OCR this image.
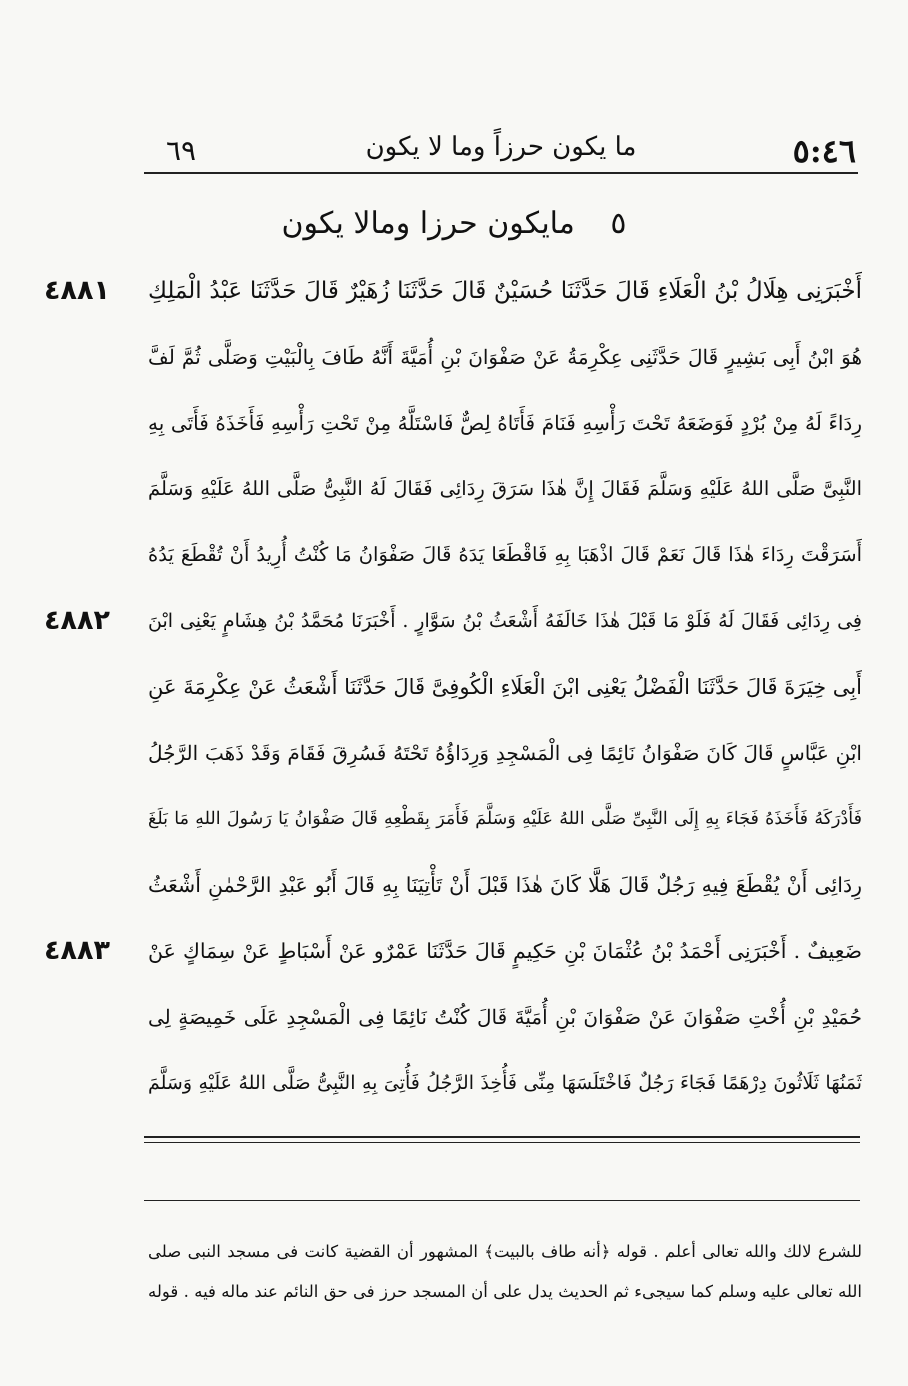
٦٩	ما يكون حرزاً وما لا يكون	٥:٤٦
٥ مايكون حرزا ومالا يكون
٤٨٨١
٤٨٨٢
٤٨٨٣
أَخْبَرَنِى هِلَالُ بْنُ الْعَلَاءِ قَالَ حَدَّثَنَا حُسَيْنٌ قَالَ حَدَّثَنَا زُهَيْرٌ قَالَ حَدَّثَنَا عَبْدُ الْمَلِكِ
هُوَ ابْنُ أَبِى بَشِيرٍ قَالَ حَدَّثَنِى عِكْرِمَةُ عَنْ صَفْوَانَ بْنِ أُمَيَّةَ أَنَّهُ طَافَ بِالْبَيْتِ وَصَلَّى ثُمَّ لَفَّ
رِدَاءً لَهُ مِنْ بُرْدٍ فَوَضَعَهُ تَحْتَ رَأْسِهِ فَنَامَ فَأَتَاهُ لِصٌّ فَاسْتَلَّهُ مِنْ تَحْتِ رَأْسِهِ فَأَخَذَهُ فَأَتَى بِهِ
النَّبِىَّ صَلَّى اللهُ عَلَيْهِ وَسَلَّمَ فَقَالَ إِنَّ هٰذَا سَرَقَ رِدَائِى فَقَالَ لَهُ النَّبِىُّ صَلَّى اللهُ عَلَيْهِ وَسَلَّمَ
أَسَرَقْتَ رِدَاءَ هٰذَا قَالَ نَعَمْ قَالَ اذْهَبَا بِهِ فَاقْطَعَا يَدَهُ قَالَ صَفْوَانُ مَا كُنْتُ أُرِيدُ أَنْ تُقْطَعَ يَدُهُ
فِى رِدَائِى فَقَالَ لَهُ فَلَوْ مَا قَبْلَ هٰذَا خَالَفَهُ أَشْعَثُ بْنُ سَوَّارٍ . أَخْبَرَنَا مُحَمَّدُ بْنُ هِشَامٍ يَعْنِى ابْنَ
أَبِى خِيَرَةَ قَالَ حَدَّثَنَا الْفَضْلُ يَعْنِى ابْنَ الْعَلَاءِ الْكُوفِىَّ قَالَ حَدَّثَنَا أَشْعَثُ عَنْ عِكْرِمَةَ عَنِ
ابْنِ عَبَّاسٍ قَالَ كَانَ صَفْوَانُ نَائِمًا فِى الْمَسْجِدِ وَرِدَاؤُهُ تَحْتَهُ فَسُرِقَ فَقَامَ وَقَدْ ذَهَبَ الرَّجُلُ
فَأَدْرَكَهُ فَأَخَذَهُ فَجَاءَ بِهِ إِلَى النَّبِىِّ صَلَّى اللهُ عَلَيْهِ وَسَلَّمَ فَأَمَرَ بِقَطْعِهِ قَالَ صَفْوَانُ يَا رَسُولَ اللهِ مَا بَلَغَ
رِدَائِى أَنْ يُقْطَعَ فِيهِ رَجُلٌ قَالَ هَلَّا كَانَ هٰذَا قَبْلَ أَنْ تَأْتِيَنَا بِهِ قَالَ أَبُو عَبْدِ الرَّحْمٰنِ أَشْعَثُ
ضَعِيفٌ . أَخْبَرَنِى أَحْمَدُ بْنُ عُثْمَانَ بْنِ حَكِيمٍ قَالَ حَدَّثَنَا عَمْرٌو عَنْ أَسْبَاطٍ عَنْ سِمَاكٍ عَنْ
حُمَيْدِ بْنِ أُخْتِ صَفْوَانَ عَنْ صَفْوَانَ بْنِ أُمَيَّةَ قَالَ كُنْتُ نَائِمًا فِى الْمَسْجِدِ عَلَى خَمِيصَةٍ لِى
ثَمَنُهَا ثَلَاثُونَ دِرْهَمًا فَجَاءَ رَجُلٌ فَاخْتَلَسَهَا مِنِّى فَأُخِذَ الرَّجُلُ فَأُتِىَ بِهِ النَّبِىُّ صَلَّى اللهُ عَلَيْهِ وَسَلَّمَ
للشرع لالك والله تعالى أعلم . قوله ﴿أنه طاف بالبيت﴾ المشهور أن القضية كانت فى مسجد النبى صلى
الله تعالى عليه وسلم كما سيجىء ثم الحديث يدل على أن المسجد حرز فى حق النائم عند ماله فيه . قوله
